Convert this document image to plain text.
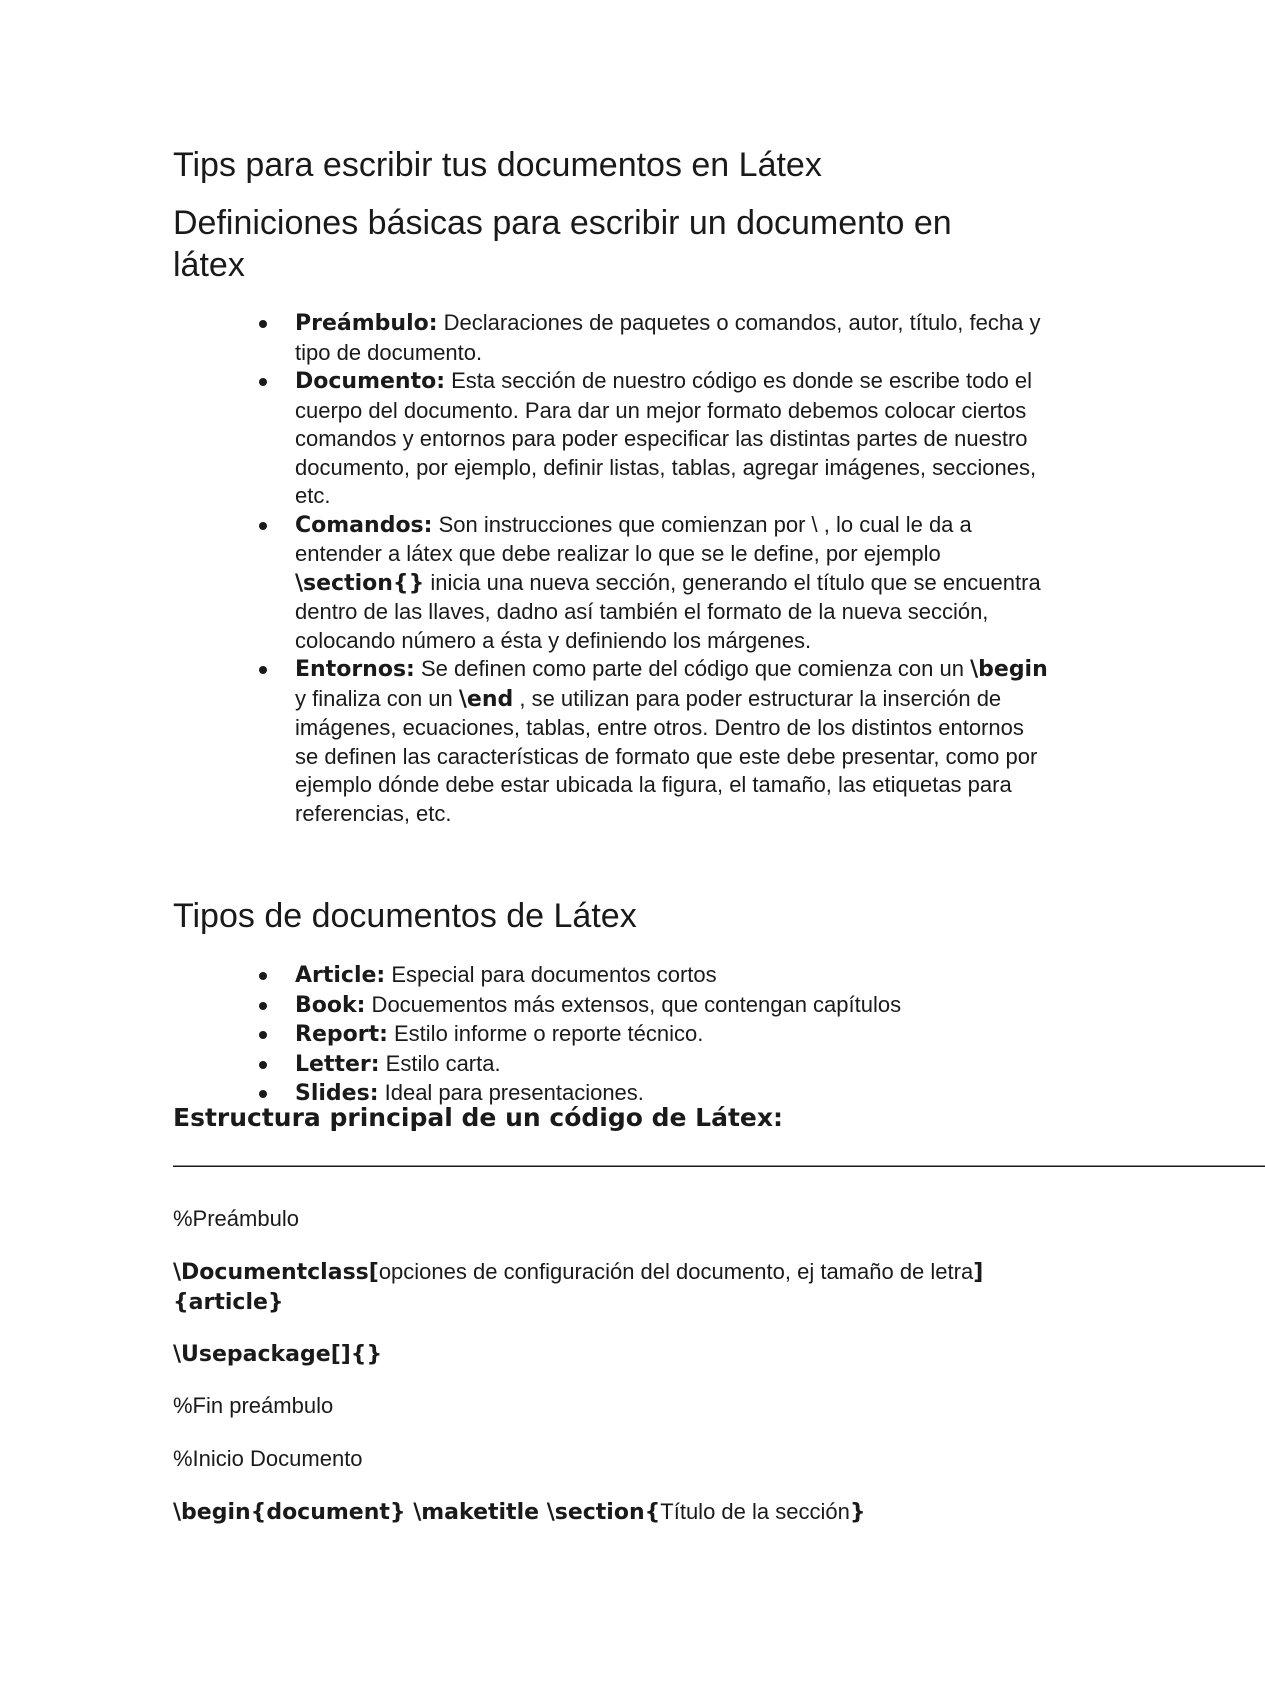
Tips para escribir tus documentos en Látex
Definiciones básicas para escribir un documento en látex
Preámbulo: Declaraciones de paquetes o comandos, autor, título, fecha y tipo de documento.
Documento: Esta sección de nuestro código es donde se escribe todo el cuerpo del documento. Para dar un mejor formato debemos colocar ciertos comandos y entornos para poder especificar las distintas partes de nuestro documento, por ejemplo, definir listas, tablas, agregar imágenes, secciones, etc.
Comandos: Son instrucciones que comienzan por \ , lo cual le da a entender a látex que debe realizar lo que se le define, por ejemplo \section{} inicia una nueva sección, generando el título que se encuentra dentro de las llaves, dadno así también el formato de la nueva sección, colocando número a ésta y definiendo los márgenes.
Entornos: Se definen como parte del código que comienza con un \begin y finaliza con un \end , se utilizan para poder estructurar la inserción de imágenes, ecuaciones, tablas, entre otros. Dentro de los distintos entornos se definen las características de formato que este debe presentar, como por ejemplo dónde debe estar ubicada la figura, el tamaño, las etiquetas para referencias, etc.
Tipos de documentos de Látex
Article: Especial para documentos cortos
Book: Docuementos más extensos, que contengan capítulos
Report: Estilo informe o reporte técnico.
Letter: Estilo carta.
Slides: Ideal para presentaciones.
Estructura principal de un código de Látex:
————————————————————————————————————————————————————
%Preámbulo
\Documentclass[opciones de configuración del documento, ej tamaño de letra]{article}
\Usepackage[]{}
%Fin preámbulo
%Inicio Documento
\begin{document} \maketitle \section{Título de la sección}
